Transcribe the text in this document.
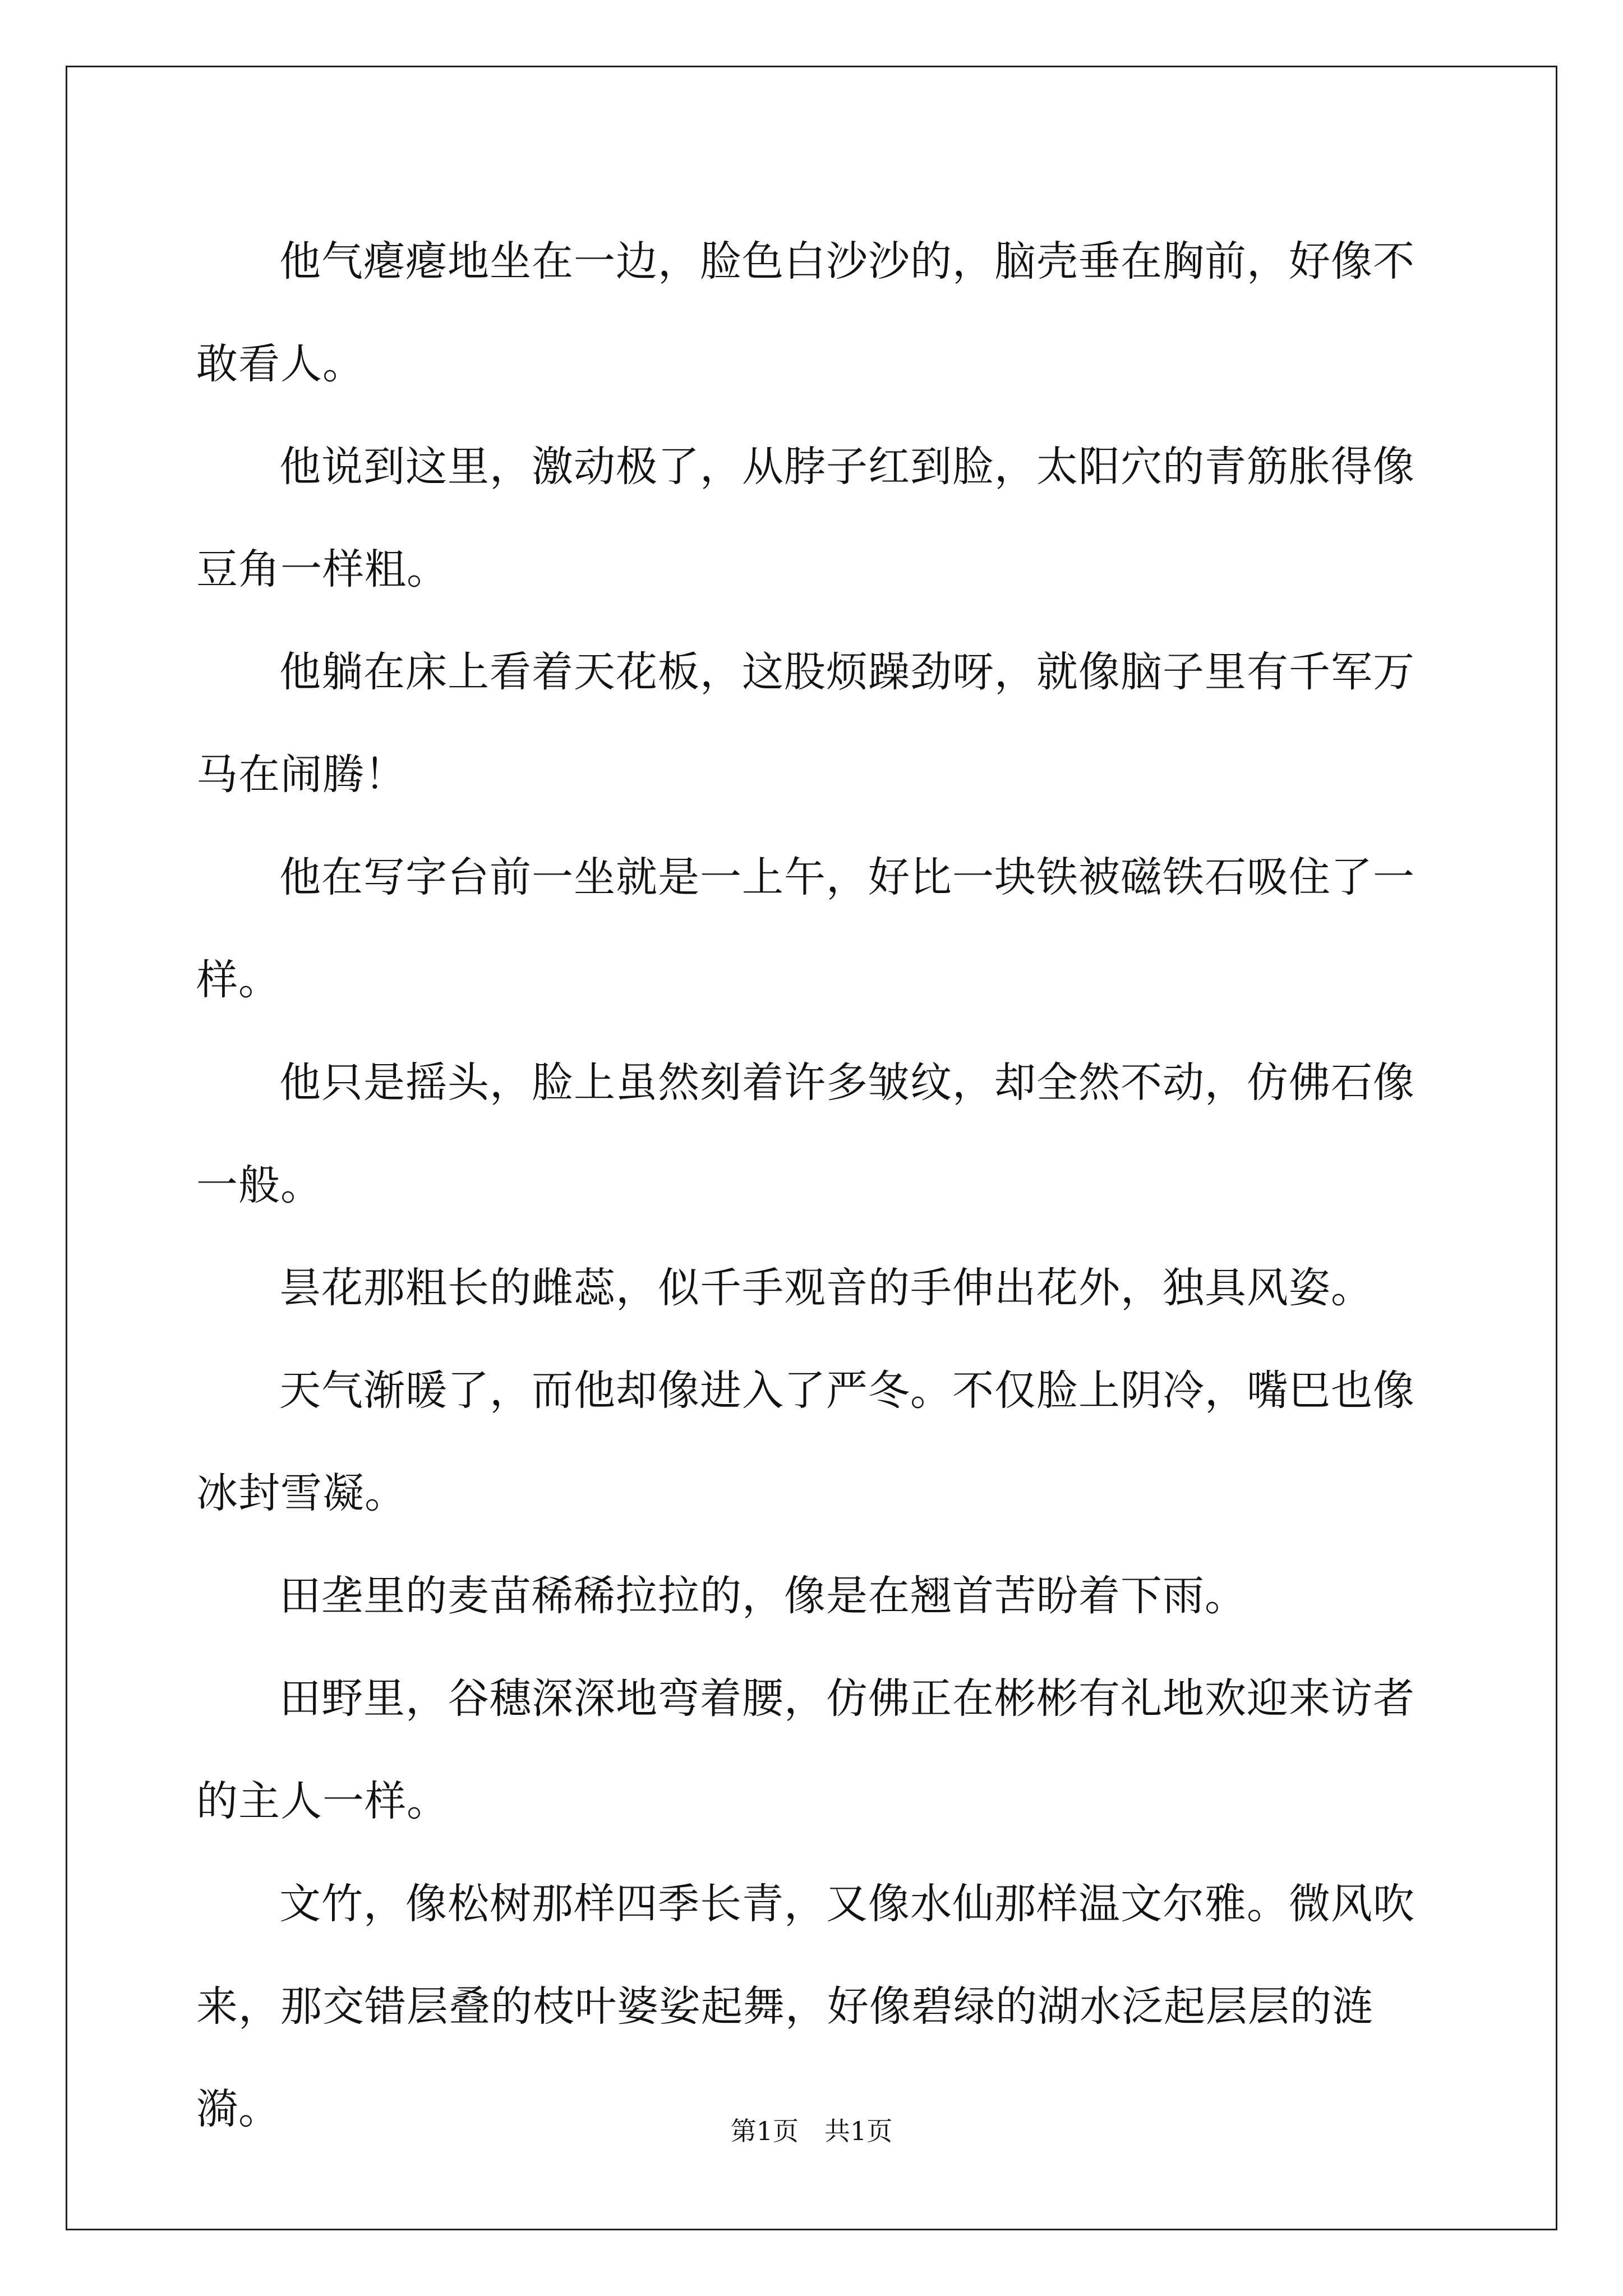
他气瘪瘪地坐在一边，脸色白沙沙的，脑壳垂在胸前，好像不敢看人。

他说到这里，激动极了，从脖子红到脸，太阳穴的青筋胀得像豆角一样粗。

他躺在床上看着天花板，这股烦躁劲呀，就像脑子里有千军万马在闹腾！

他在写字台前一坐就是一上午，好比一块铁被磁铁石吸住了一样。

他只是摇头，脸上虽然刻着许多皱纹，却全然不动，仿佛石像一般。

昙花那粗长的雌蕊，似千手观音的手伸出花外，独具风姿。

天气渐暖了，而他却像进入了严冬。不仅脸上阴冷，嘴巴也像冰封雪凝。

田垄里的麦苗稀稀拉拉的，像是在翘首苦盼着下雨。

田野里，谷穗深深地弯着腰，仿佛正在彬彬有礼地欢迎来访者的主人一样。

文竹，像松树那样四季长青，又像水仙那样温文尔雅。微风吹来，那交错层叠的枝叶婆娑起舞，好像碧绿的湖水泛起层层的涟漪。	第1页　共1页
